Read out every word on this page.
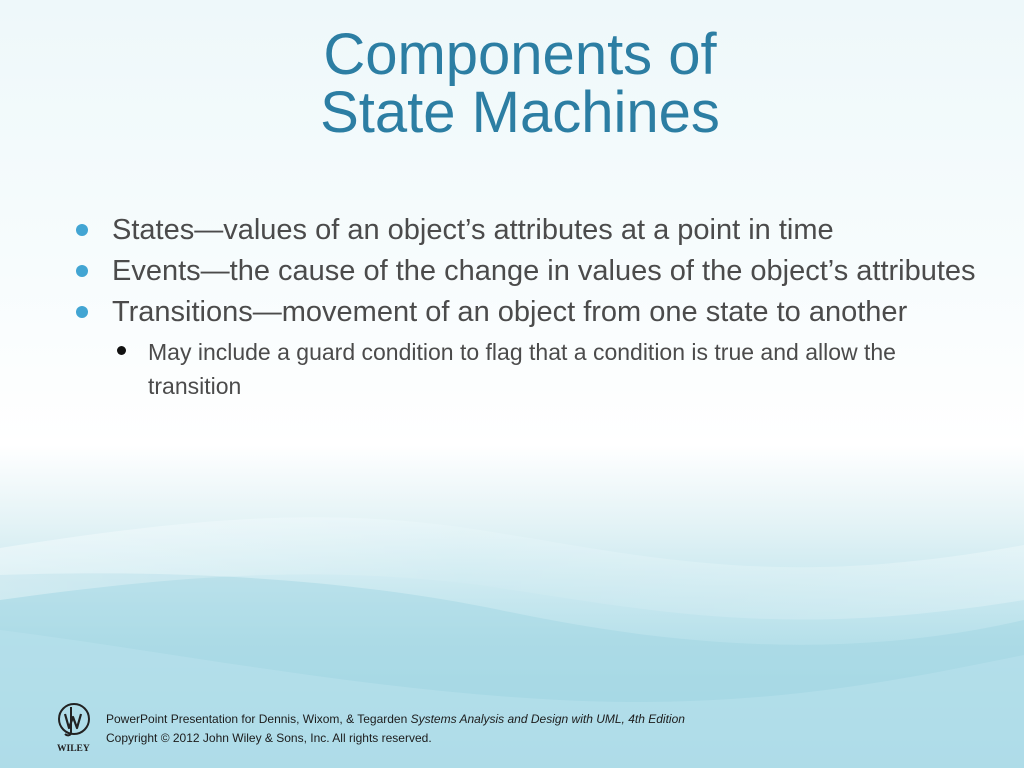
Components of
State Machines
States—values of an object’s attributes at a point in time
Events—the cause of the change in values of the object’s attributes
Transitions—movement of an object from one state to another
May include a guard condition to flag that a condition is true and allow the transition
WILEY
PowerPoint Presentation for Dennis, Wixom, & Tegarden Systems Analysis and Design with UML, 4th Edition
Copyright © 2012 John Wiley & Sons, Inc. All rights reserved.
